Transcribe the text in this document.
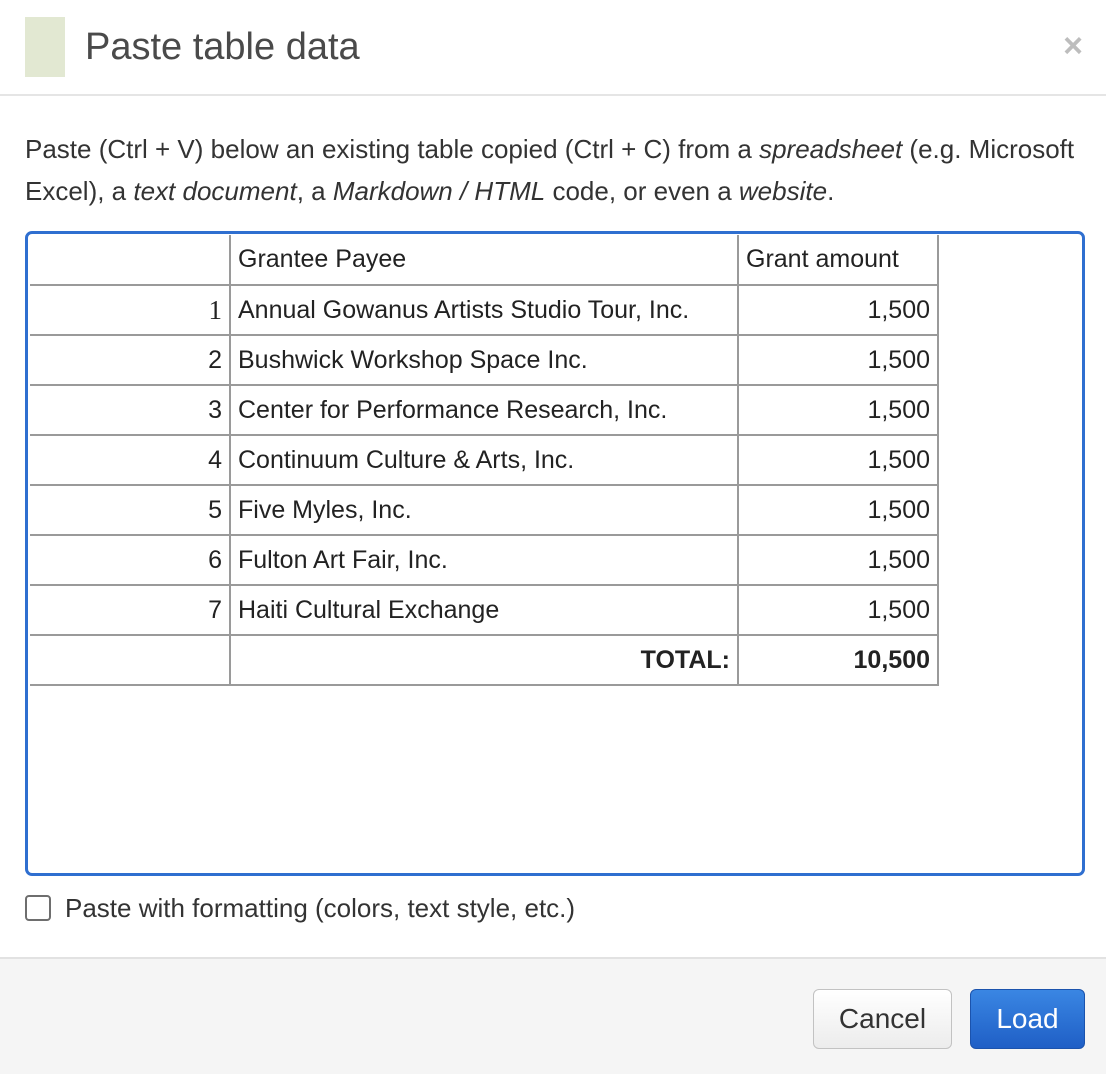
Paste table data	×

Paste (Ctrl + V) below an existing table copied (Ctrl + C) from a spreadsheet (e.g. Microsoft Excel), a text document, a Markdown / HTML code, or even a website.

	Grantee Payee	Grant amount
1	Annual Gowanus Artists Studio Tour, Inc.	1,500
2	Bushwick Workshop Space Inc.	1,500
3	Center for Performance Research, Inc.	1,500
4	Continuum Culture & Arts, Inc.	1,500
5	Five Myles, Inc.	1,500
6	Fulton Art Fair, Inc.	1,500
7	Haiti Cultural Exchange	1,500
	TOTAL:	10,500
Paste with formatting (colors, text style, etc.)
Cancel	Load
